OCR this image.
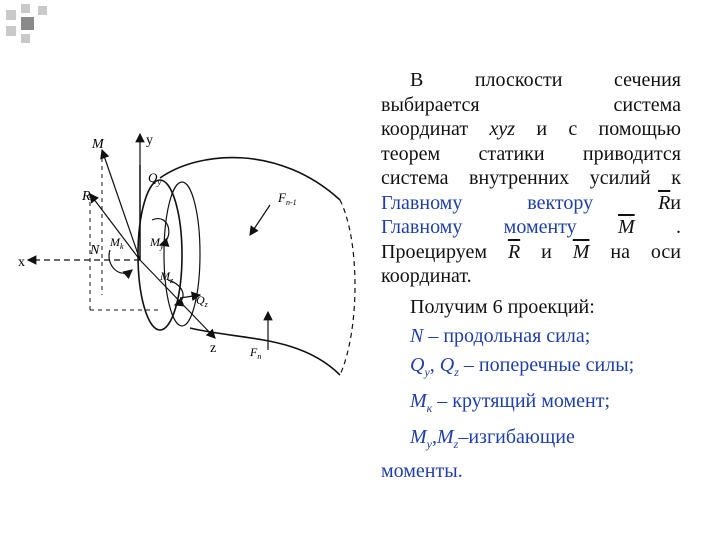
M	y
$Q_y$
R	$F_{n-1}$
x
N
$M_k$ $M_y$
$M_z$
$Q_z$
z	$F_n$

В плоскости сечения
выбирается система
координат xyz и с помощью
теорем статики приводится
система внутренних усилий к
Главному вектору	$\overline{R}и$
Главному моменту $\overline{M}$ .
Проецируем $\overline{R}$ и $\overline{M}$ на оси
координат.

Получим 6 проекций:
N – продольная сила;
$Q_y$, $Q_z$ – поперечные силы;
$M_к$ – крутящий момент;
$M_y,M_z$–изгибающие
моменты.
